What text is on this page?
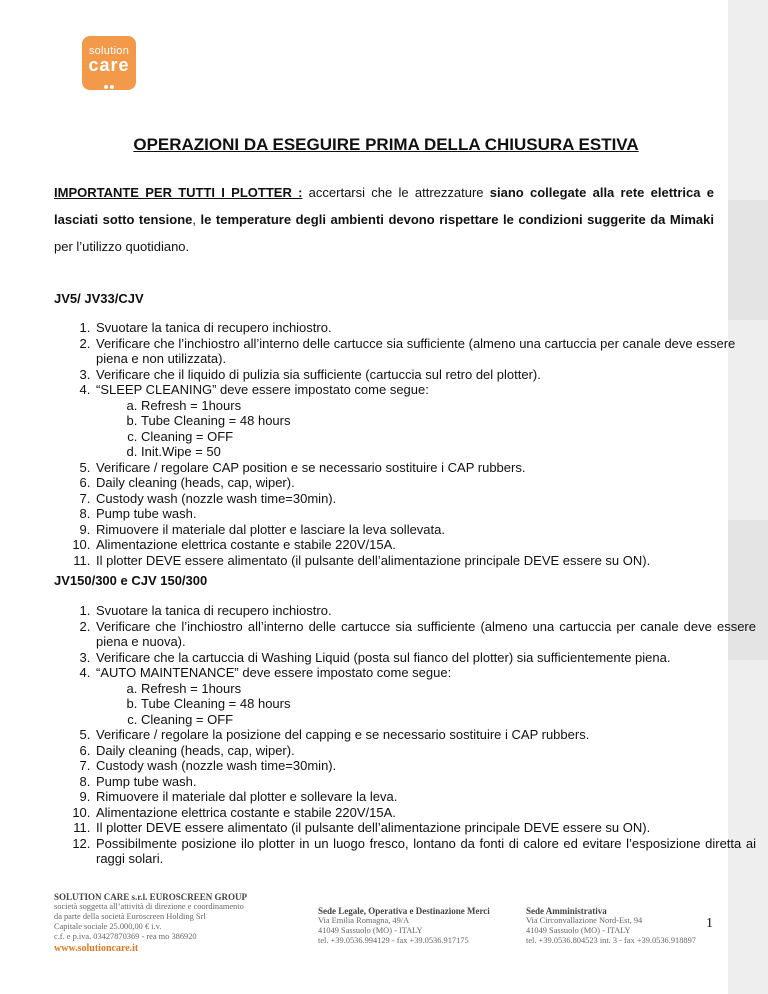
solution
care
OPERAZIONI DA ESEGUIRE PRIMA DELLA CHIUSURA ESTIVA
IMPORTANTE PER TUTTI I PLOTTER : accertarsi che le attrezzature siano collegate alla rete elettrica e lasciati sotto tensione, le temperature degli ambienti devono rispettare le condizioni suggerite da Mimaki per l’utilizzo quotidiano.
JV5/ JV33/CJV
1. Svuotare la tanica di recupero inchiostro.
2. Verificare che l’inchiostro all’interno delle cartucce sia sufficiente (almeno una cartuccia per canale deve essere piena e non utilizzata).
3. Verificare che il liquido di pulizia sia sufficiente (cartuccia sul retro del plotter).
4. “SLEEP CLEANING” deve essere impostato come segue:
a. Refresh = 1hours
b. Tube Cleaning = 48 hours
c. Cleaning = OFF
d. Init.Wipe = 50
5. Verificare / regolare CAP position e se necessario sostituire i CAP rubbers.
6. Daily cleaning (heads, cap, wiper).
7. Custody wash (nozzle wash time=30min).
8. Pump tube wash.
9. Rimuovere il materiale dal plotter e lasciare la leva sollevata.
10. Alimentazione elettrica costante e stabile 220V/15A.
11. Il plotter DEVE essere alimentato (il pulsante dell’alimentazione principale DEVE essere su ON).
JV150/300 e CJV 150/300
1. Svuotare la tanica di recupero inchiostro.
2. Verificare che l’inchiostro all’interno delle cartucce sia sufficiente (almeno una cartuccia per canale deve essere piena e nuova).
3. Verificare che la cartuccia di Washing Liquid (posta sul fianco del plotter) sia sufficientemente piena.
4. “AUTO MAINTENANCE” deve essere impostato come segue:
a. Refresh = 1hours
b. Tube Cleaning = 48 hours
c. Cleaning = OFF
5. Verificare / regolare la posizione del capping e se necessario sostituire i CAP rubbers.
6. Daily cleaning (heads, cap, wiper).
7. Custody wash (nozzle wash time=30min).
8. Pump tube wash.
9. Rimuovere il materiale dal plotter e sollevare la leva.
10. Alimentazione elettrica costante e stabile 220V/15A.
11. Il plotter DEVE essere alimentato (il pulsante dell’alimentazione principale DEVE essere su ON).
12. Possibilmente posizione ilo plotter in un luogo fresco, lontano da fonti di calore ed evitare l’esposizione diretta ai raggi solari.
SOLUTION CARE s.r.l. EUROSCREEN GROUP
società soggetta all’attività di direzione e coordinamento
da parte della società Euroscreen Holding Srl
Capitale sociale 25.000,00 € i.v.
c.f. e p.iva. 03427870369 - rea mo 386920
www.solutioncare.it
Sede Legale, Operativa e Destinazione Merci
Via Emilia Romagna, 49/A
41049 Sassuolo (MO) - ITALY
tel. +39.0536.994129 - fax +39.0536.917175
Sede Amministrativa
Via Circonvallazione Nord-Est, 94
41049 Sassuolo (MO) - ITALY
tel. +39.0536.804523 int. 3 - fax +39.0536.918897
1
